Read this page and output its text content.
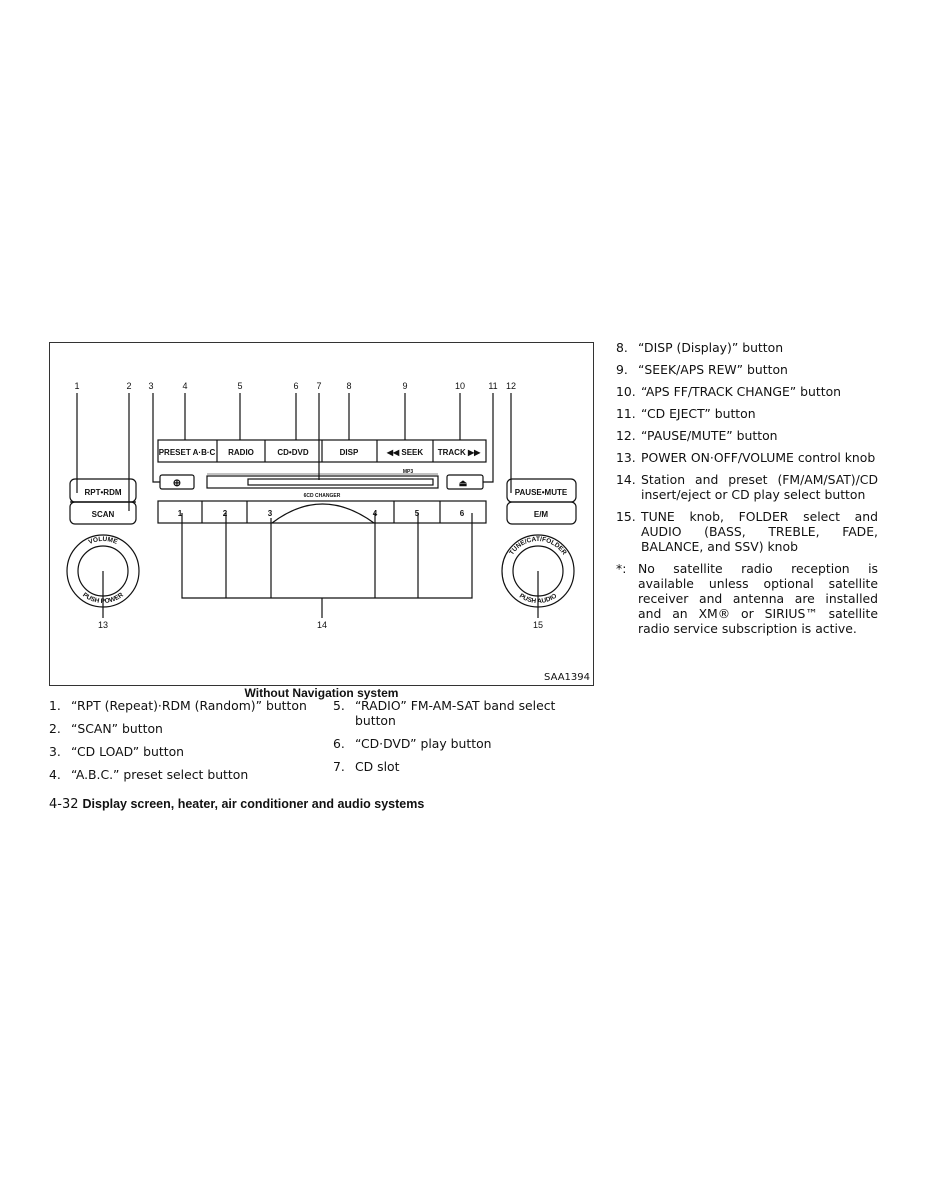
1	2 3	4	5	6 7	8	9	10	11 12
13	14	15
PRESET A·B·C RADIO	CD•DVD	DISP	◀◀ SEEK TRACK ▶▶
RPT•RDM
SCAN
PAUSE•MUTE
E/M
⊕	⏏
6CD CHANGER
MP3
1	2	3	4	5	6
VOLUME
PUSH POWER
TUNE/CAT/FOLDER
PUSH AUDIO
SAA1394
Without Navigation system
1. “RPT (Repeat)·RDM (Random)” button
2. “SCAN” button
3. “CD LOAD” button
4. “A.B.C.” preset select button
5. “RADIO” FM-AM-SAT band select button
6. “CD·DVD” play button
7. CD slot
8. “DISP (Display)” button
9. “SEEK/APS REW” button
10. “APS FF/TRACK CHANGE” button
11. “CD EJECT” button
12. “PAUSE/MUTE” button
13. POWER ON·OFF/VOLUME control knob
14. Station and preset (FM/AM/SAT)/CD insert/eject or CD play select button
15. TUNE knob, FOLDER select and AUDIO (BASS, TREBLE, FADE, BALANCE, and SSV) knob
*: No satellite radio reception is available unless optional satellite receiver and antenna are installed and an XM® or SIRIUS™ satellite radio service subscription is active.
4-32 Display screen, heater, air conditioner and audio systems
